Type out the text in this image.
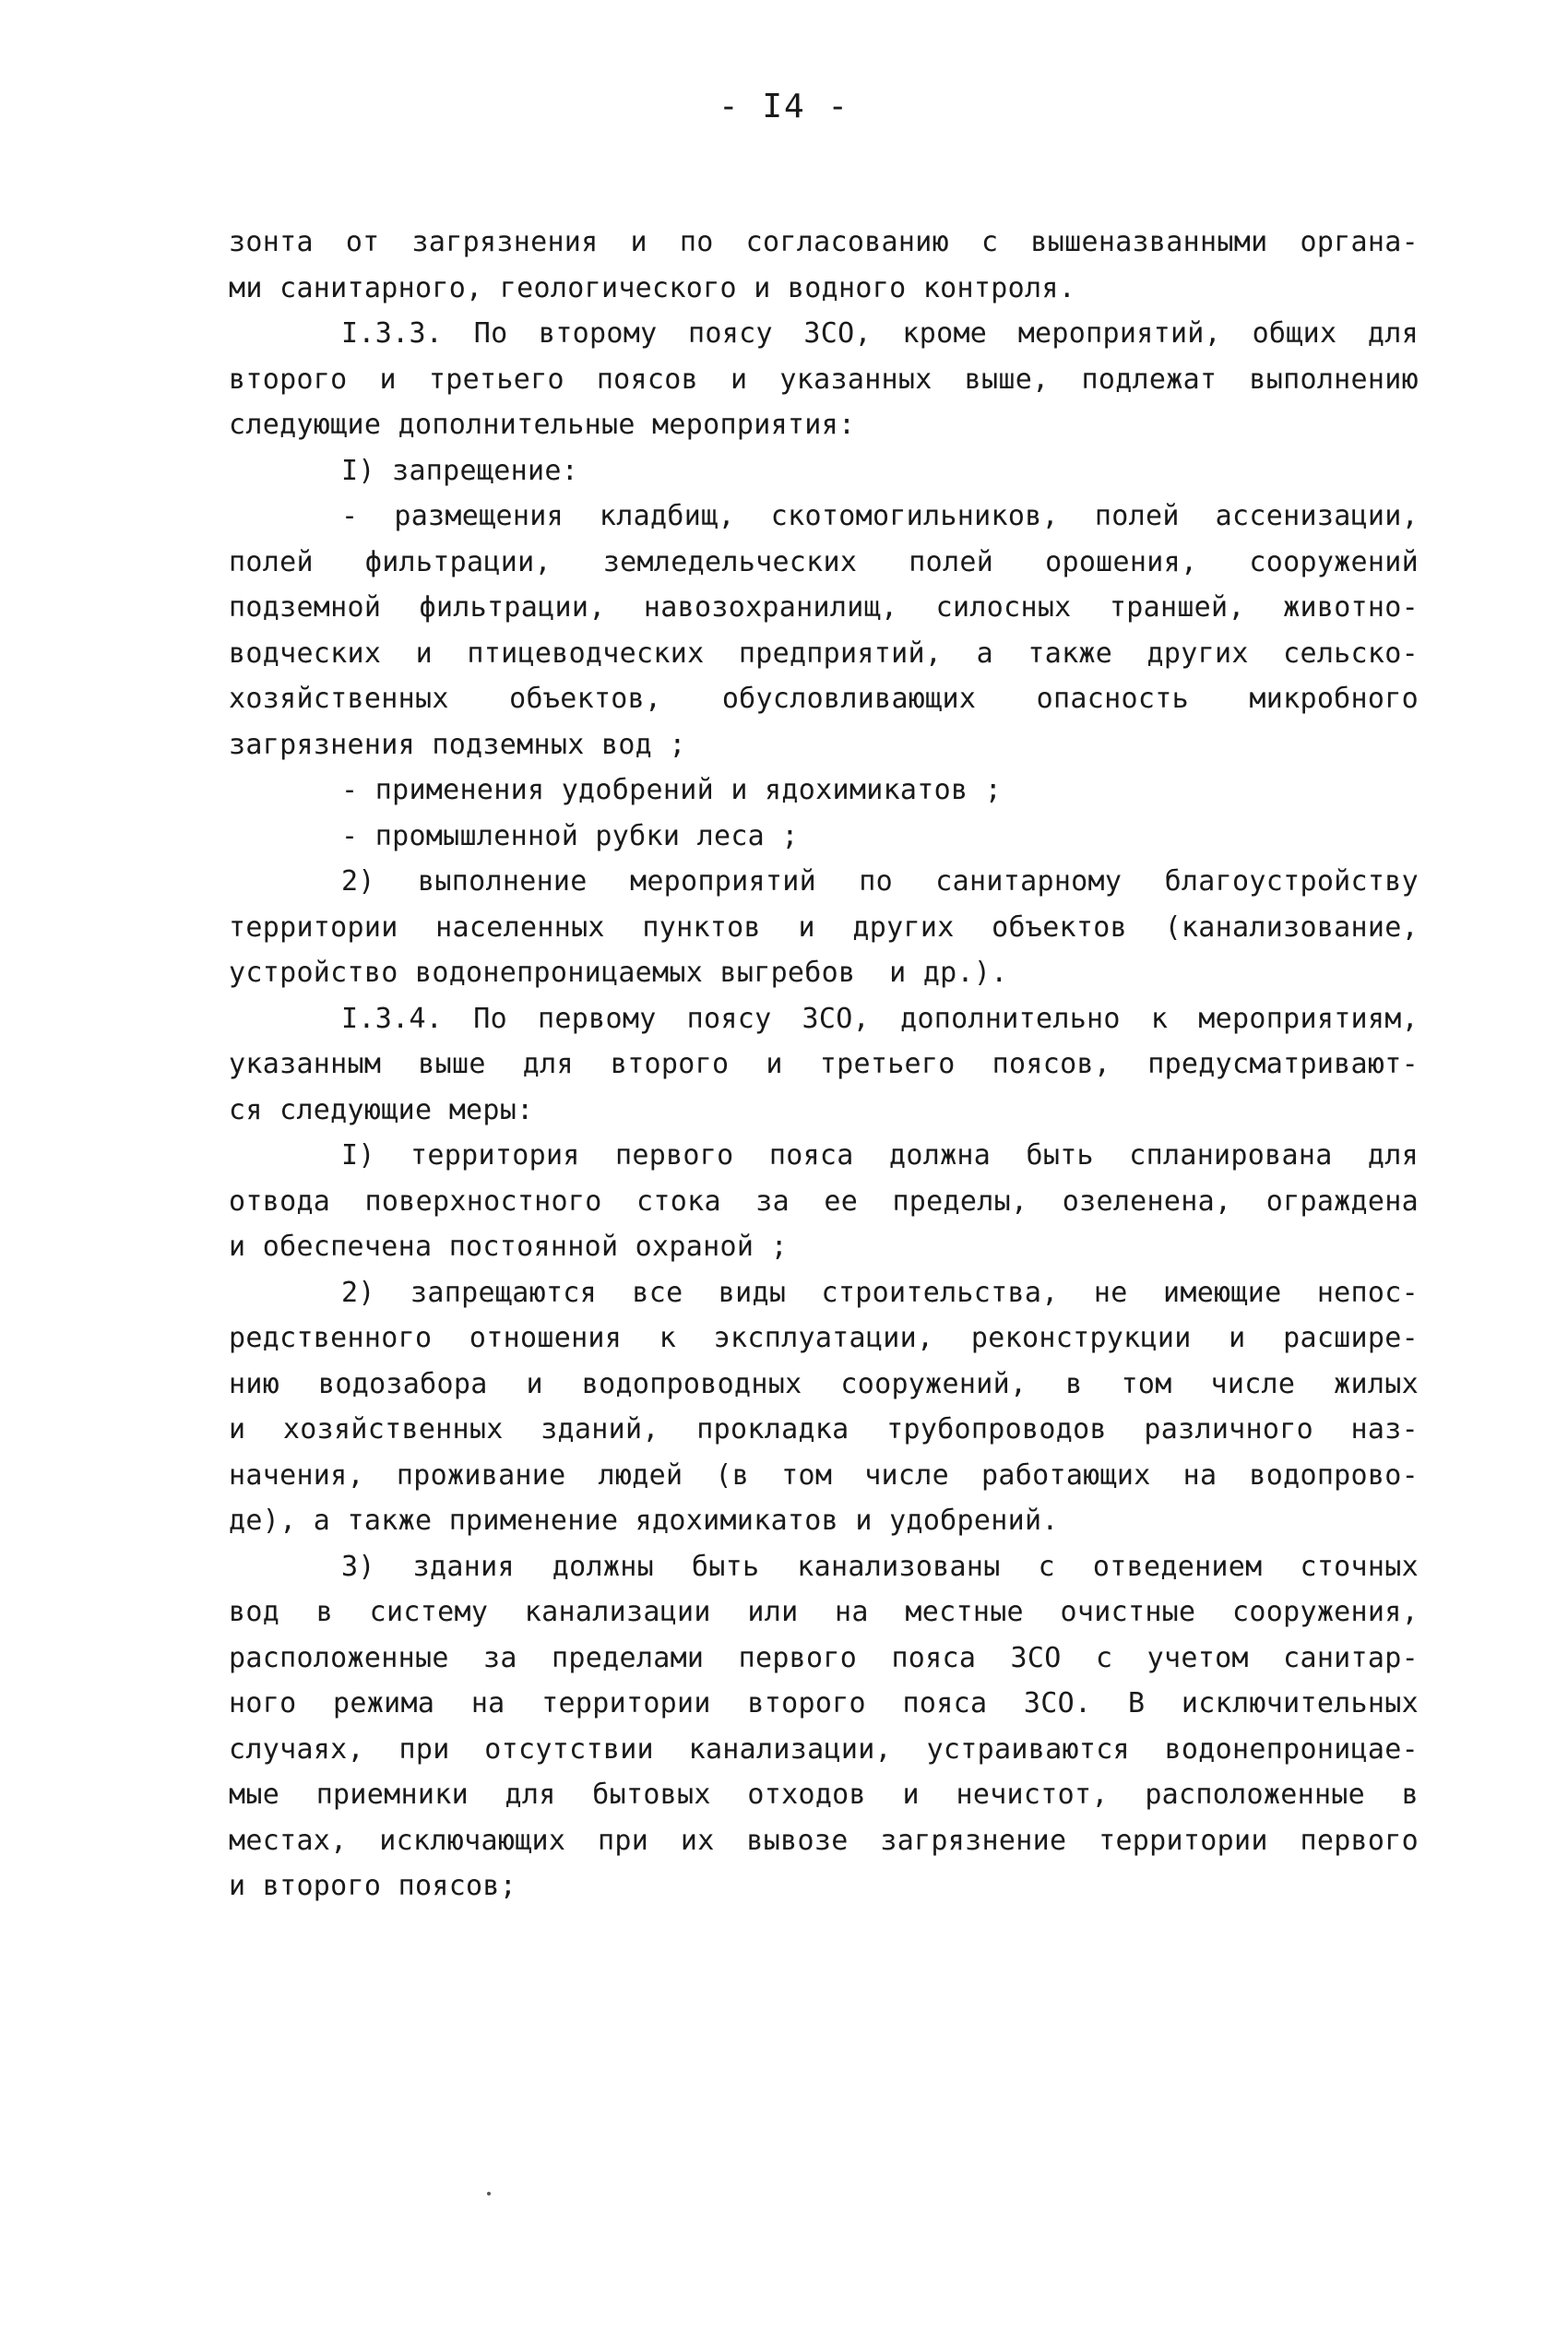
- I4 -
зонта от загрязнения и по согласованию с вышеназванными органа-
ми санитарного, геологического и водного контроля.
I.3.3. По второму поясу ЗСО, кроме мероприятий, общих для
второго и третьего поясов и указанных выше, подлежат выполнению
следующие дополнительные мероприятия:
I) запрещение:
- размещения кладбищ, скотомогильников, полей ассенизации,
полей фильтрации, земледельческих полей орошения, сооружений
подземной фильтрации, навозохранилищ, силосных траншей, животно-
водческих и птицеводческих предприятий, а также других сельско-
хозяйственных объектов, обусловливающих опасность микробного
загрязнения подземных вод ;
- применения удобрений и ядохимикатов ;
- промышленной рубки леса ;
2) выполнение мероприятий по санитарному благоустройству
территории населенных пунктов и других объектов (канализование,
устройство водонепроницаемых выгребов  и др.).
I.3.4. По первому поясу ЗСО, дополнительно к мероприятиям,
указанным выше для второго и третьего поясов, предусматривают-
ся следующие меры:
I) территория первого пояса должна быть спланирована для
отвода поверхностного стока за ее пределы, озеленена, ограждена
и обеспечена постоянной охраной ;
2) запрещаются все виды строительства, не имеющие непос-
редственного отношения к эксплуатации, реконструкции и расшире-
нию водозабора и водопроводных сооружений, в том числе жилых
и хозяйственных зданий, прокладка трубопроводов различного наз-
начения, проживание людей (в том числе работающих на водопрово-
де), а также применение ядохимикатов и удобрений.
3) здания должны быть канализованы с отведением сточных
вод в систему канализации или на местные очистные сооружения,
расположенные за пределами первого пояса ЗСО с учетом санитар-
ного режима на территории второго пояса ЗСО. В исключительных
случаях, при отсутствии канализации, устраиваются водонепроницае-
мые приемники для бытовых отходов и нечистот, расположенные в
местах, исключающих при их вывозе загрязнение территории первого
и второго поясов;
